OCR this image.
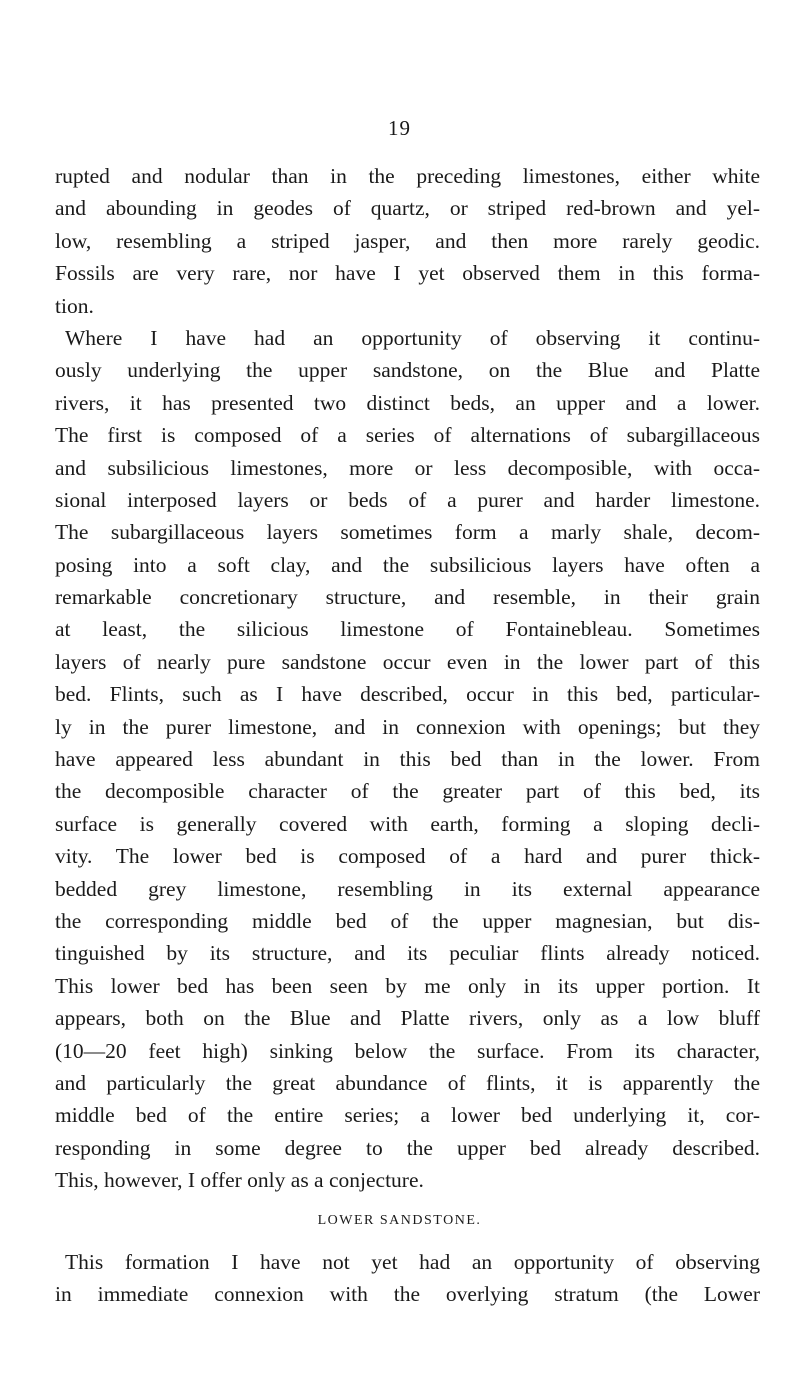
19
rupted and nodular than in the preceding limestones, either white
and abounding in geodes of quartz, or striped red-brown and yel-
low, resembling a striped jasper, and then more rarely geodic.
Fossils are very rare, nor have I yet observed them in this forma-
tion.
Where I have had an opportunity of observing it continu-
ously underlying the upper sandstone, on the Blue and Platte
rivers, it has presented two distinct beds, an upper and a lower.
The first is composed of a series of alternations of subargillaceous
and subsilicious limestones, more or less decomposible, with occa-
sional interposed layers or beds of a purer and harder limestone.
The subargillaceous layers sometimes form a marly shale, decom-
posing into a soft clay, and the subsilicious layers have often a
remarkable concretionary structure, and resemble, in their grain
at least, the silicious limestone of Fontainebleau. Sometimes
layers of nearly pure sandstone occur even in the lower part of this
bed. Flints, such as I have described, occur in this bed, particular-
ly in the purer limestone, and in connexion with openings; but they
have appeared less abundant in this bed than in the lower. From
the decomposible character of the greater part of this bed, its
surface is generally covered with earth, forming a sloping decli-
vity. The lower bed is composed of a hard and purer thick-
bedded grey limestone, resembling in its external appearance
the corresponding middle bed of the upper magnesian, but dis-
tinguished by its structure, and its peculiar flints already noticed.
This lower bed has been seen by me only in its upper portion. It
appears, both on the Blue and Platte rivers, only as a low bluff
(10—20 feet high) sinking below the surface. From its character,
and particularly the great abundance of flints, it is apparently the
middle bed of the entire series; a lower bed underlying it, cor-
responding in some degree to the upper bed already described.
This, however, I offer only as a conjecture.
LOWER SANDSTONE.
This formation I have not yet had an opportunity of observing
in immediate connexion with the overlying stratum (the Lower
